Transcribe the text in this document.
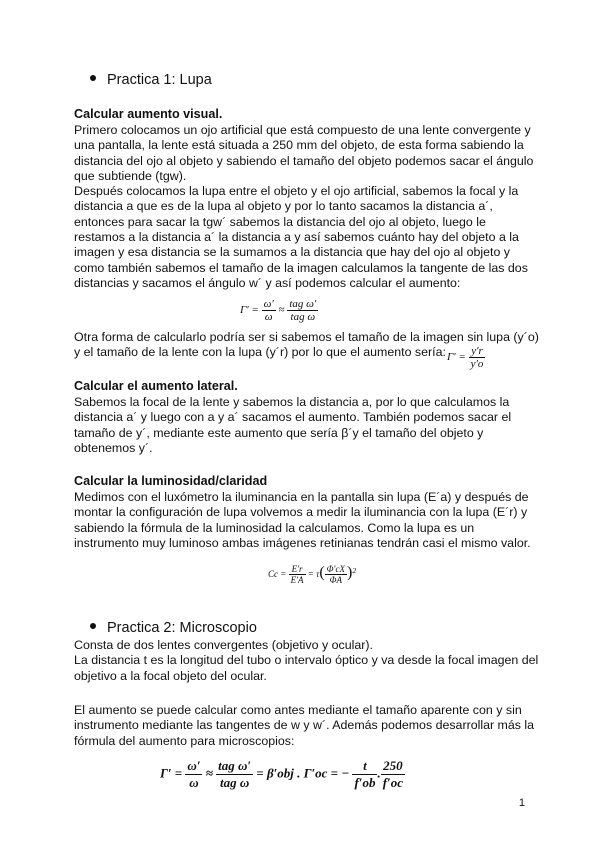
Practica 1: Lupa
Calcular aumento visual.
Primero colocamos un ojo artificial que está compuesto de una lente convergente y
una pantalla, la lente está situada a 250 mm del objeto, de esta forma sabiendo la
distancia del ojo al objeto y sabiendo el tamaño del objeto podemos sacar el ángulo
que subtiende (tgw).
Después colocamos la lupa entre el objeto y el ojo artificial, sabemos la focal y la
distancia a que es de la lupa al objeto y por lo tanto sacamos la distancia a´,
entonces para sacar la tgw´ sabemos la distancia del ojo al objeto, luego le
restamos a la distancia a´ la distancia a y así sabemos cuánto hay del objeto a la
imagen y esa distancia se la sumamos a la distancia que hay del ojo al objeto y
como también sabemos el tamaño de la imagen calculamos la tangente de las dos
distancias y sacamos el ángulo w´ y así podemos calcular el aumento:
$\Gamma' = \frac{\omega'}{\omega} \approx \frac{\text{tag ω′}}{\text{tag ω}}$
Otra forma de calcularlo podría ser si sabemos el tamaño de la imagen sin lupa (y´o)
y el tamaño de la lente con la lupa (y´r) por lo que el aumento sería: $\Gamma' = \frac{y'r}{y'o}$
Calcular el aumento lateral.
Sabemos la focal de la lente y sabemos la distancia a, por lo que calculamos la
distancia a´ y luego con a y a´ sacamos el aumento. También podemos sacar el
tamaño de y´, mediante este aumento que sería β´y el tamaño del objeto y
obtenemos y´.
Calcular la luminosidad/claridad
Medimos con el luxómetro la iluminancia en la pantalla sin lupa (E´a) y después de
montar la configuración de lupa volvemos a medir la iluminancia con la lupa (E´r) y
sabiendo la fórmula de la luminosidad la calculamos. Como la lupa es un
instrumento muy luminoso ambas imágenes retinianas tendrán casi el mismo valor.
$Cc = \frac{E'r}{E'A} = \tau( \frac{\Phi'cX}{\Phi A} )^2$
Practica 2: Microscopio
Consta de dos lentes convergentes (objetivo y ocular).
La distancia t es la longitud del tubo o intervalo óptico y va desde la focal imagen del
objetivo a la focal objeto del ocular.
El aumento se puede calcular como antes mediante el tamaño aparente con y sin
instrumento mediante las tangentes de w y w´. Además podemos desarrollar más la
fórmula del aumento para microscopios:
$\Gamma' = \frac{\omega'}{\omega} \approx \frac{\text{tag ω′}}{\text{tag ω}} = \beta'obj$ . Γ′oc = − $\frac{t}{f'ob}$ . $\frac{250}{f'oc}$
1
